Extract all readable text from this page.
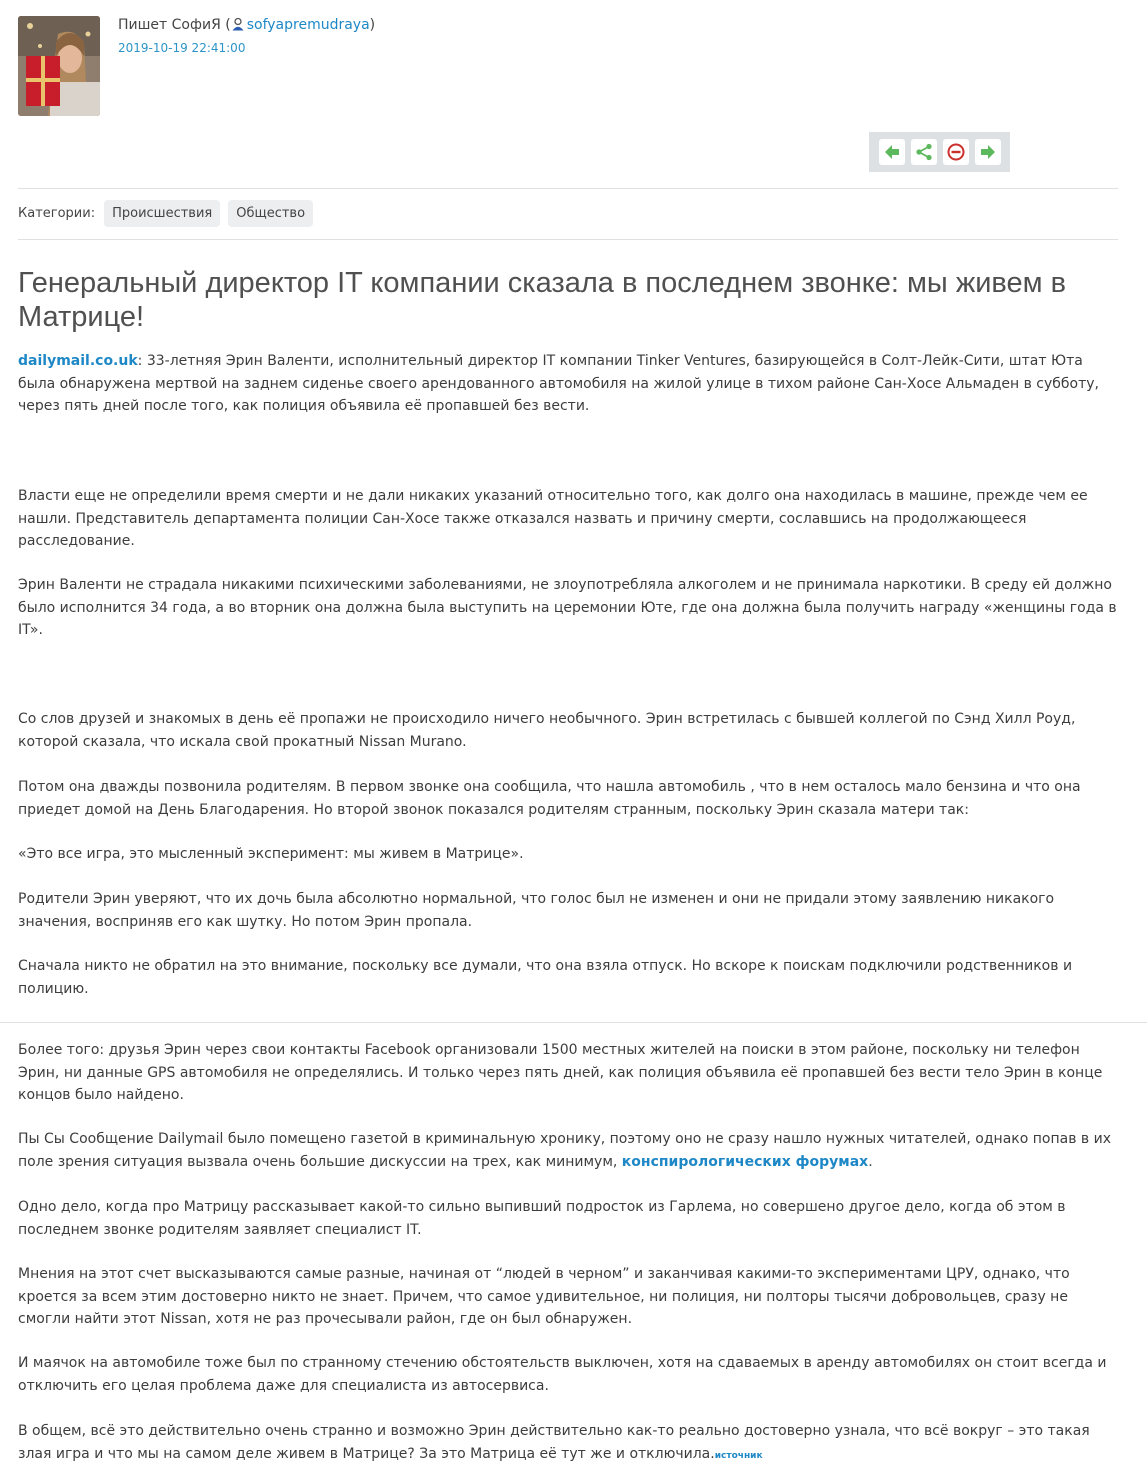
Пишет СофиЯ ( sofyapremudraya)
2019-10-19 22:41:00
Категории:	Происшествия	Общество
Генеральный директор IT компании сказала в последнем звонке: мы живем в Матрице!

dailymail.co.uk: 33-летняя Эрин Валенти, исполнительный директор IT компании Tinker Ventures, базирующейся в Солт-Лейк-Сити, штат Юта была обнаружена мертвой на заднем сиденье своего арендованного автомобиля на жилой улице в тихом районе Сан-Хосе Альмаден в субботу, через пять дней после того, как полиция объявила её пропавшей без вести.

Власти еще не определили время смерти и не дали никаких указаний относительно того, как долго она находилась в машине, прежде чем ее нашли. Представитель департамента полиции Сан-Хосе также отказался назвать и причину смерти, сославшись на продолжающееся расследование.

Эрин Валенти не страдала никакими психическими заболеваниями, не злоупотребляла алкоголем и не принимала наркотики. В среду ей должно было исполнится 34 года, а во вторник она должна была выступить на церемонии Юте, где она должна была получить награду «женщины года в IT».

Со слов друзей и знакомых в день её пропажи не происходило ничего необычного. Эрин встретилась с бывшей коллегой по Сэнд Хилл Роуд, которой сказала, что искала свой прокатный Nissan Murano.

Потом она дважды позвонила родителям. В первом звонке она сообщила, что нашла автомобиль , что в нем осталось мало бензина и что она приедет домой на День Благодарения. Но второй звонок показался родителям странным, поскольку Эрин сказала матери так:

«Это все игра, это мысленный эксперимент: мы живем в Матрице».

Родители Эрин уверяют, что их дочь была абсолютно нормальной, что голос был не изменен и они не придали этому заявлению никакого значения, восприняв его как шутку. Но потом Эрин пропала.

Сначала никто не обратил на это внимание, поскольку все думали, что она взяла отпуск. Но вскоре к поискам подключили родственников и полицию.

Более того: друзья Эрин через свои контакты Facebook организовали 1500 местных жителей на поиски в этом районе, поскольку ни телефон Эрин, ни данные GPS автомобиля не определялись. И только через пять дней, как полиция объявила её пропавшей без вести тело Эрин в конце концов было найдено.

Пы Сы Сообщение Dailymail было помещено газетой в криминальную хронику, поэтому оно не сразу нашло нужных читателей, однако попав в их поле зрения ситуация вызвала очень большие дискуссии на трех, как минимум, конспирологических форумах.

Одно дело, когда про Матрицу рассказывает какой-то сильно выпивший подросток из Гарлема, но совершено другое дело, когда об этом в последнем звонке родителям заявляет специалист IT.

Мнения на этот счет высказываются самые разные, начиная от “людей в черном” и заканчивая какими-то экспериментами ЦРУ, однако, что кроется за всем этим достоверно никто не знает. Причем, что самое удивительное, ни полиция, ни полторы тысячи добровольцев, сразу не смогли найти этот Nissan, хотя не раз прочесывали район, где он был обнаружен.

И маячок на автомобиле тоже был по странному стечению обстоятельств выключен, хотя на сдаваемых в аренду автомобилях он стоит всегда и отключить его целая проблема даже для специалиста из автосервиса.

В общем, всё это действительно очень странно и возможно Эрин действительно как-то реально достоверно узнала, что всё вокруг – это такая злая игра и что мы на самом деле живем в Матрице? За это Матрица её тут же и отключила.источник
